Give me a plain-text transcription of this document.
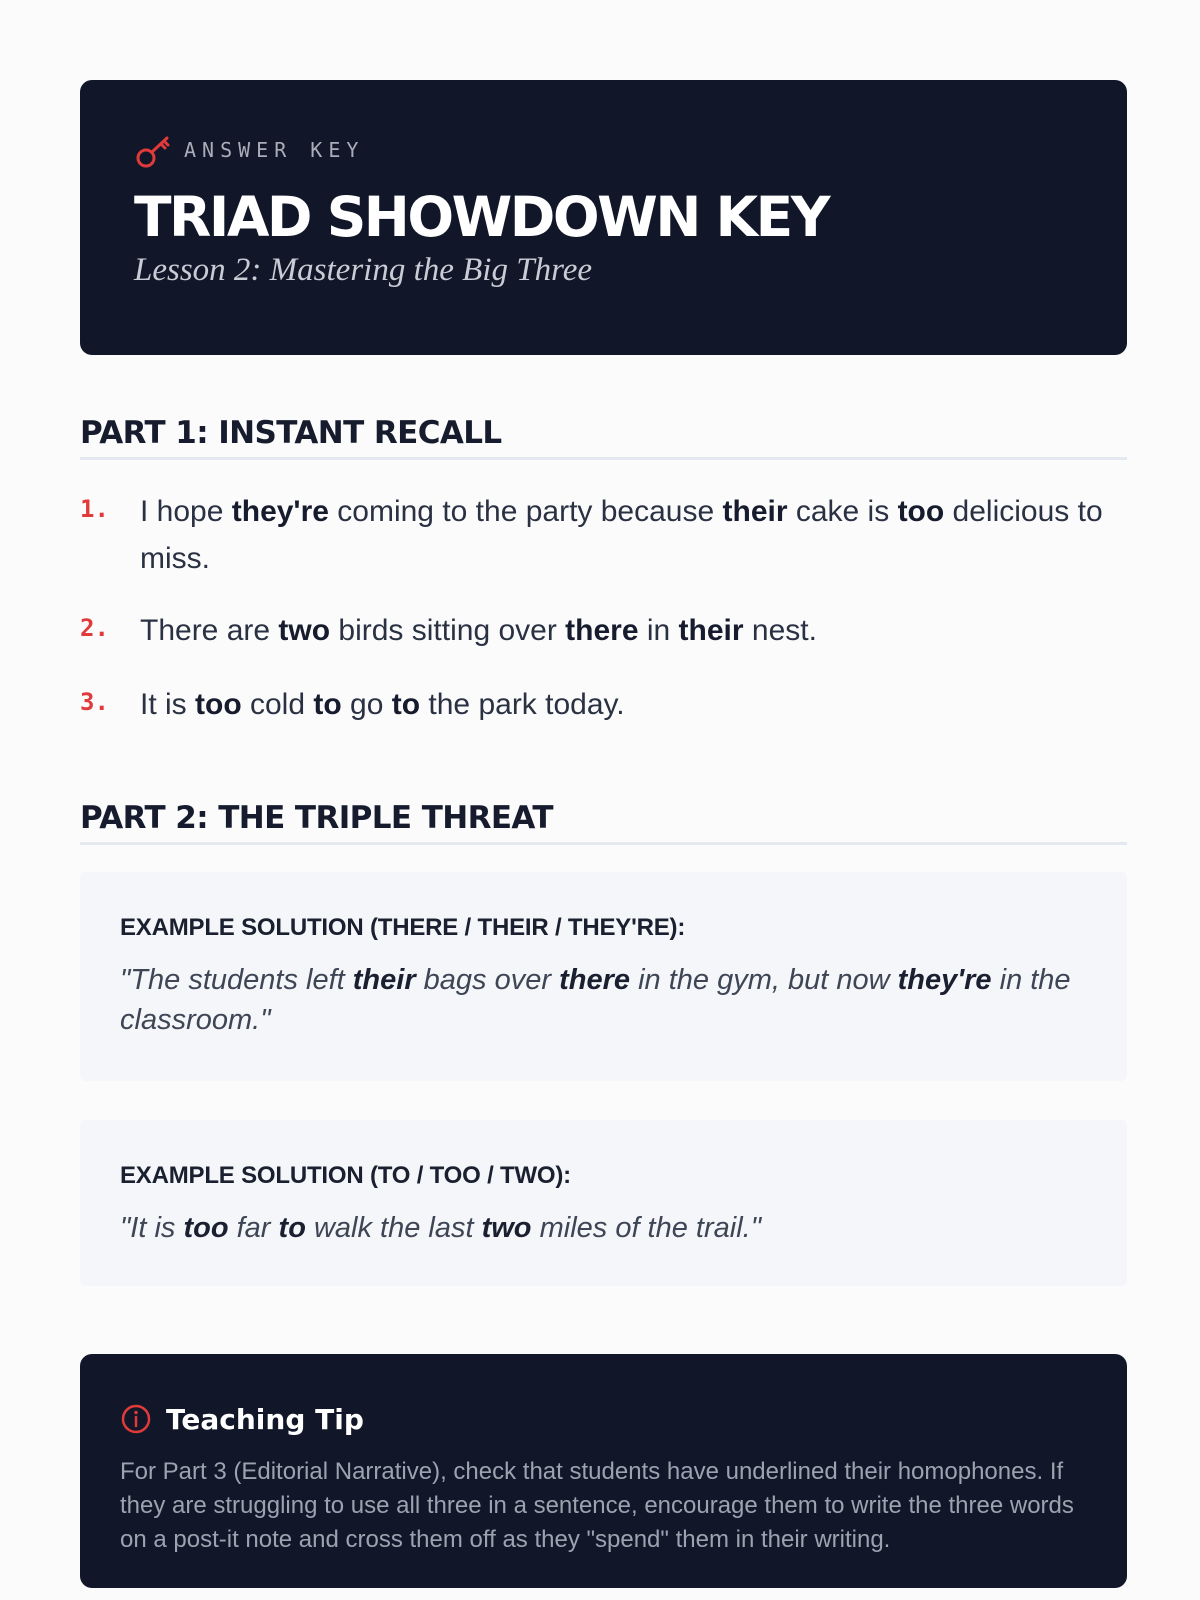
ANSWER KEY
TRIAD SHOWDOWN KEY
Lesson 2: Mastering the Big Three
PART 1: INSTANT RECALL
1. I hope they're coming to the party because their cake is too delicious to miss.
2. There are two birds sitting over there in their nest.
3. It is too cold to go to the park today.
PART 2: THE TRIPLE THREAT
EXAMPLE SOLUTION (THERE / THEIR / THEY'RE):
"The students left their bags over there in the gym, but now they're in the classroom."
EXAMPLE SOLUTION (TO / TOO / TWO):
"It is too far to walk the last two miles of the trail."
Teaching Tip
For Part 3 (Editorial Narrative), check that students have underlined their homophones. If they are struggling to use all three in a sentence, encourage them to write the three words on a post-it note and cross them off as they "spend" them in their writing.
